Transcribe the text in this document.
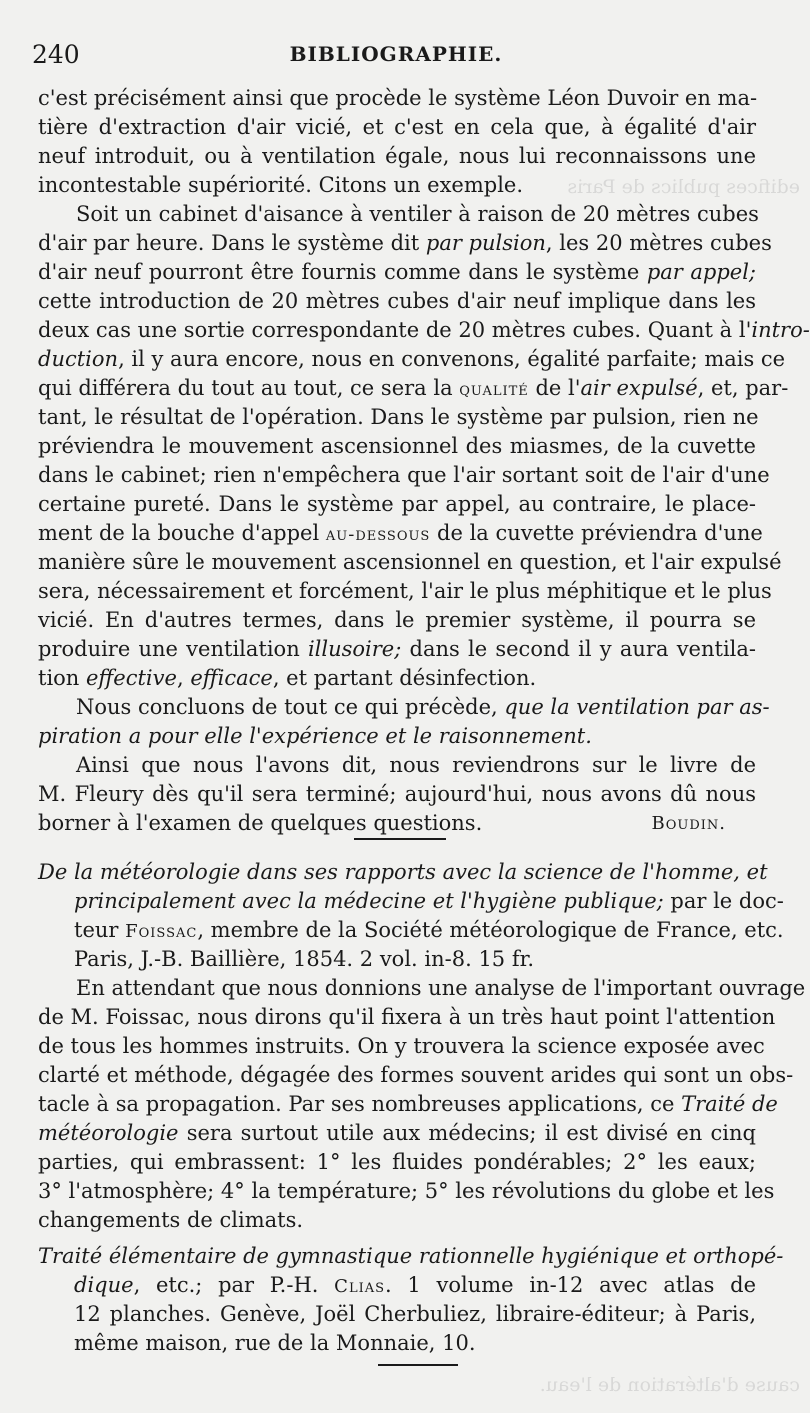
edifices publics de Paris
cause d'altération de l'eau.
240	BIBLIOGRAPHIE.
c'est précisément ainsi que procède le système Léon Duvoir en ma-
tière d'extraction d'air vicié, et c'est en cela que, à égalité d'air
neuf introduit, ou à ventilation égale, nous lui reconnaissons une
incontestable supériorité. Citons un exemple.
Soit un cabinet d'aisance à ventiler à raison de 20 mètres cubes
d'air par heure. Dans le système dit par pulsion, les 20 mètres cubes
d'air neuf pourront être fournis comme dans le système par appel;
cette introduction de 20 mètres cubes d'air neuf implique dans les
deux cas une sortie correspondante de 20 mètres cubes. Quant à l'intro-
duction, il y aura encore, nous en convenons, égalité parfaite; mais ce
qui différera du tout au tout, ce sera la qualité de l'air expulsé, et, par-
tant, le résultat de l'opération. Dans le système par pulsion, rien ne
préviendra le mouvement ascensionnel des miasmes, de la cuvette
dans le cabinet; rien n'empêchera que l'air sortant soit de l'air d'une
certaine pureté. Dans le système par appel, au contraire, le place-
ment de la bouche d'appel au-dessous de la cuvette préviendra d'une
manière sûre le mouvement ascensionnel en question, et l'air expulsé
sera, nécessairement et forcément, l'air le plus méphitique et le plus
vicié. En d'autres termes, dans le premier système, il pourra se
produire une ventilation illusoire; dans le second il y aura ventila-
tion effective, efficace, et partant désinfection.
Nous concluons de tout ce qui précède, que la ventilation par as-
piration a pour elle l'expérience et le raisonnement.
Ainsi que nous l'avons dit, nous reviendrons sur le livre de
M. Fleury dès qu'il sera terminé; aujourd'hui, nous avons dû nous
borner à l'examen de quelques questions.	Boudin.
De la météorologie dans ses rapports avec la science de l'homme, et
principalement avec la médecine et l'hygiène publique; par le doc-
teur Foissac, membre de la Société météorologique de France, etc.
Paris, J.-B. Baillière, 1854. 2 vol. in-8. 15 fr.
En attendant que nous donnions une analyse de l'important ouvrage
de M. Foissac, nous dirons qu'il fixera à un très haut point l'attention
de tous les hommes instruits. On y trouvera la science exposée avec
clarté et méthode, dégagée des formes souvent arides qui sont un obs-
tacle à sa propagation. Par ses nombreuses applications, ce Traité de
météorologie sera surtout utile aux médecins; il est divisé en cinq
parties, qui embrassent: 1° les fluides pondérables; 2° les eaux;
3° l'atmosphère; 4° la température; 5° les révolutions du globe et les
changements de climats.
Traité élémentaire de gymnastique rationnelle hygiénique et orthopé-
dique, etc.; par P.-H. Clias. 1 volume in-12 avec atlas de
12 planches. Genève, Joël Cherbuliez, libraire-éditeur; à Paris,
même maison, rue de la Monnaie, 10.
